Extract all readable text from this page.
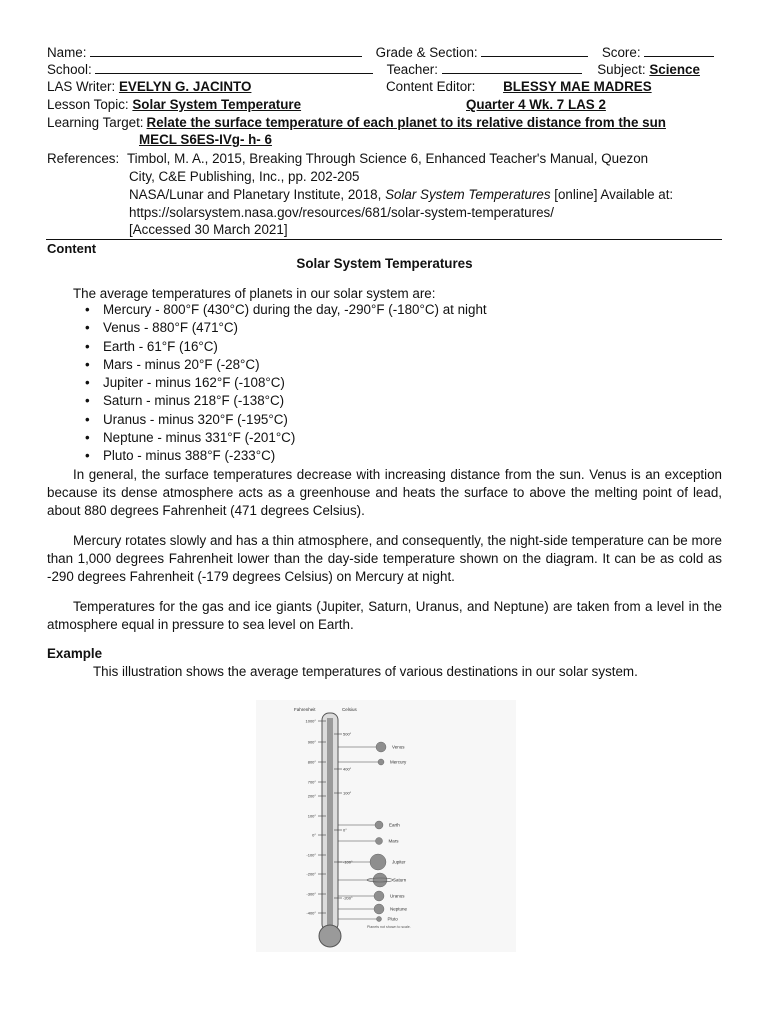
Name:	Grade & Section:	Score:
School:	Teacher:	Subject: Science
LAS Writer: EVELYN G. JACINTO	Content Editor: BLESSY MAE MADRES
Lesson Topic: Solar System Temperature	Quarter 4 Wk. 7 LAS 2
Learning Target: Relate the surface temperature of each planet to its relative distance from the sun
MECL S6ES-IVg- h- 6
References: Timbol, M. A., 2015, Breaking Through Science 6, Enhanced Teacher's Manual, Quezon
City, C&E Publishing, Inc., pp. 202-205
NASA/Lunar and Planetary Institute, 2018, Solar System Temperatures [online] Available at:
https://solarsystem.nasa.gov/resources/681/solar-system-temperatures/
[Accessed 30 March 2021]
Content
Solar System Temperatures
The average temperatures of planets in our solar system are:
• Mercury - 800°F (430°C) during the day, -290°F (-180°C) at night
• Venus - 880°F (471°C)
• Earth - 61°F (16°C)
• Mars - minus 20°F (-28°C)
• Jupiter - minus 162°F (-108°C)
• Saturn - minus 218°F (-138°C)
• Uranus - minus 320°F (-195°C)
• Neptune - minus 331°F (-201°C)
• Pluto - minus 388°F (-233°C)
In general, the surface temperatures decrease with increasing distance from the sun. Venus is an exception because its dense atmosphere acts as a greenhouse and heats the surface to above the melting point of lead, about 880 degrees Fahrenheit (471 degrees Celsius).
Mercury rotates slowly and has a thin atmosphere, and consequently, the night-side temperature can be more than 1,000 degrees Fahrenheit lower than the day-side temperature shown on the diagram. It can be as cold as -290 degrees Fahrenheit (-179 degrees Celsius) on Mercury at night.
Temperatures for the gas and ice giants (Jupiter, Saturn, Uranus, and Neptune) are taken from a level in the atmosphere equal in pressure to sea level on Earth.
Example
This illustration shows the average temperatures of various destinations in our solar system.
Fahrenheit	Celsius
1000°
900°
800°
700°
200°
100°
0°
-100°
-200°
-300°
-400°
500°
400°
100°
0°
-100°
-200°
Venus
Mercury
Earth
Mars
Jupiter
Saturn
Uranus
Neptune
Pluto
Planets not shown to scale.
